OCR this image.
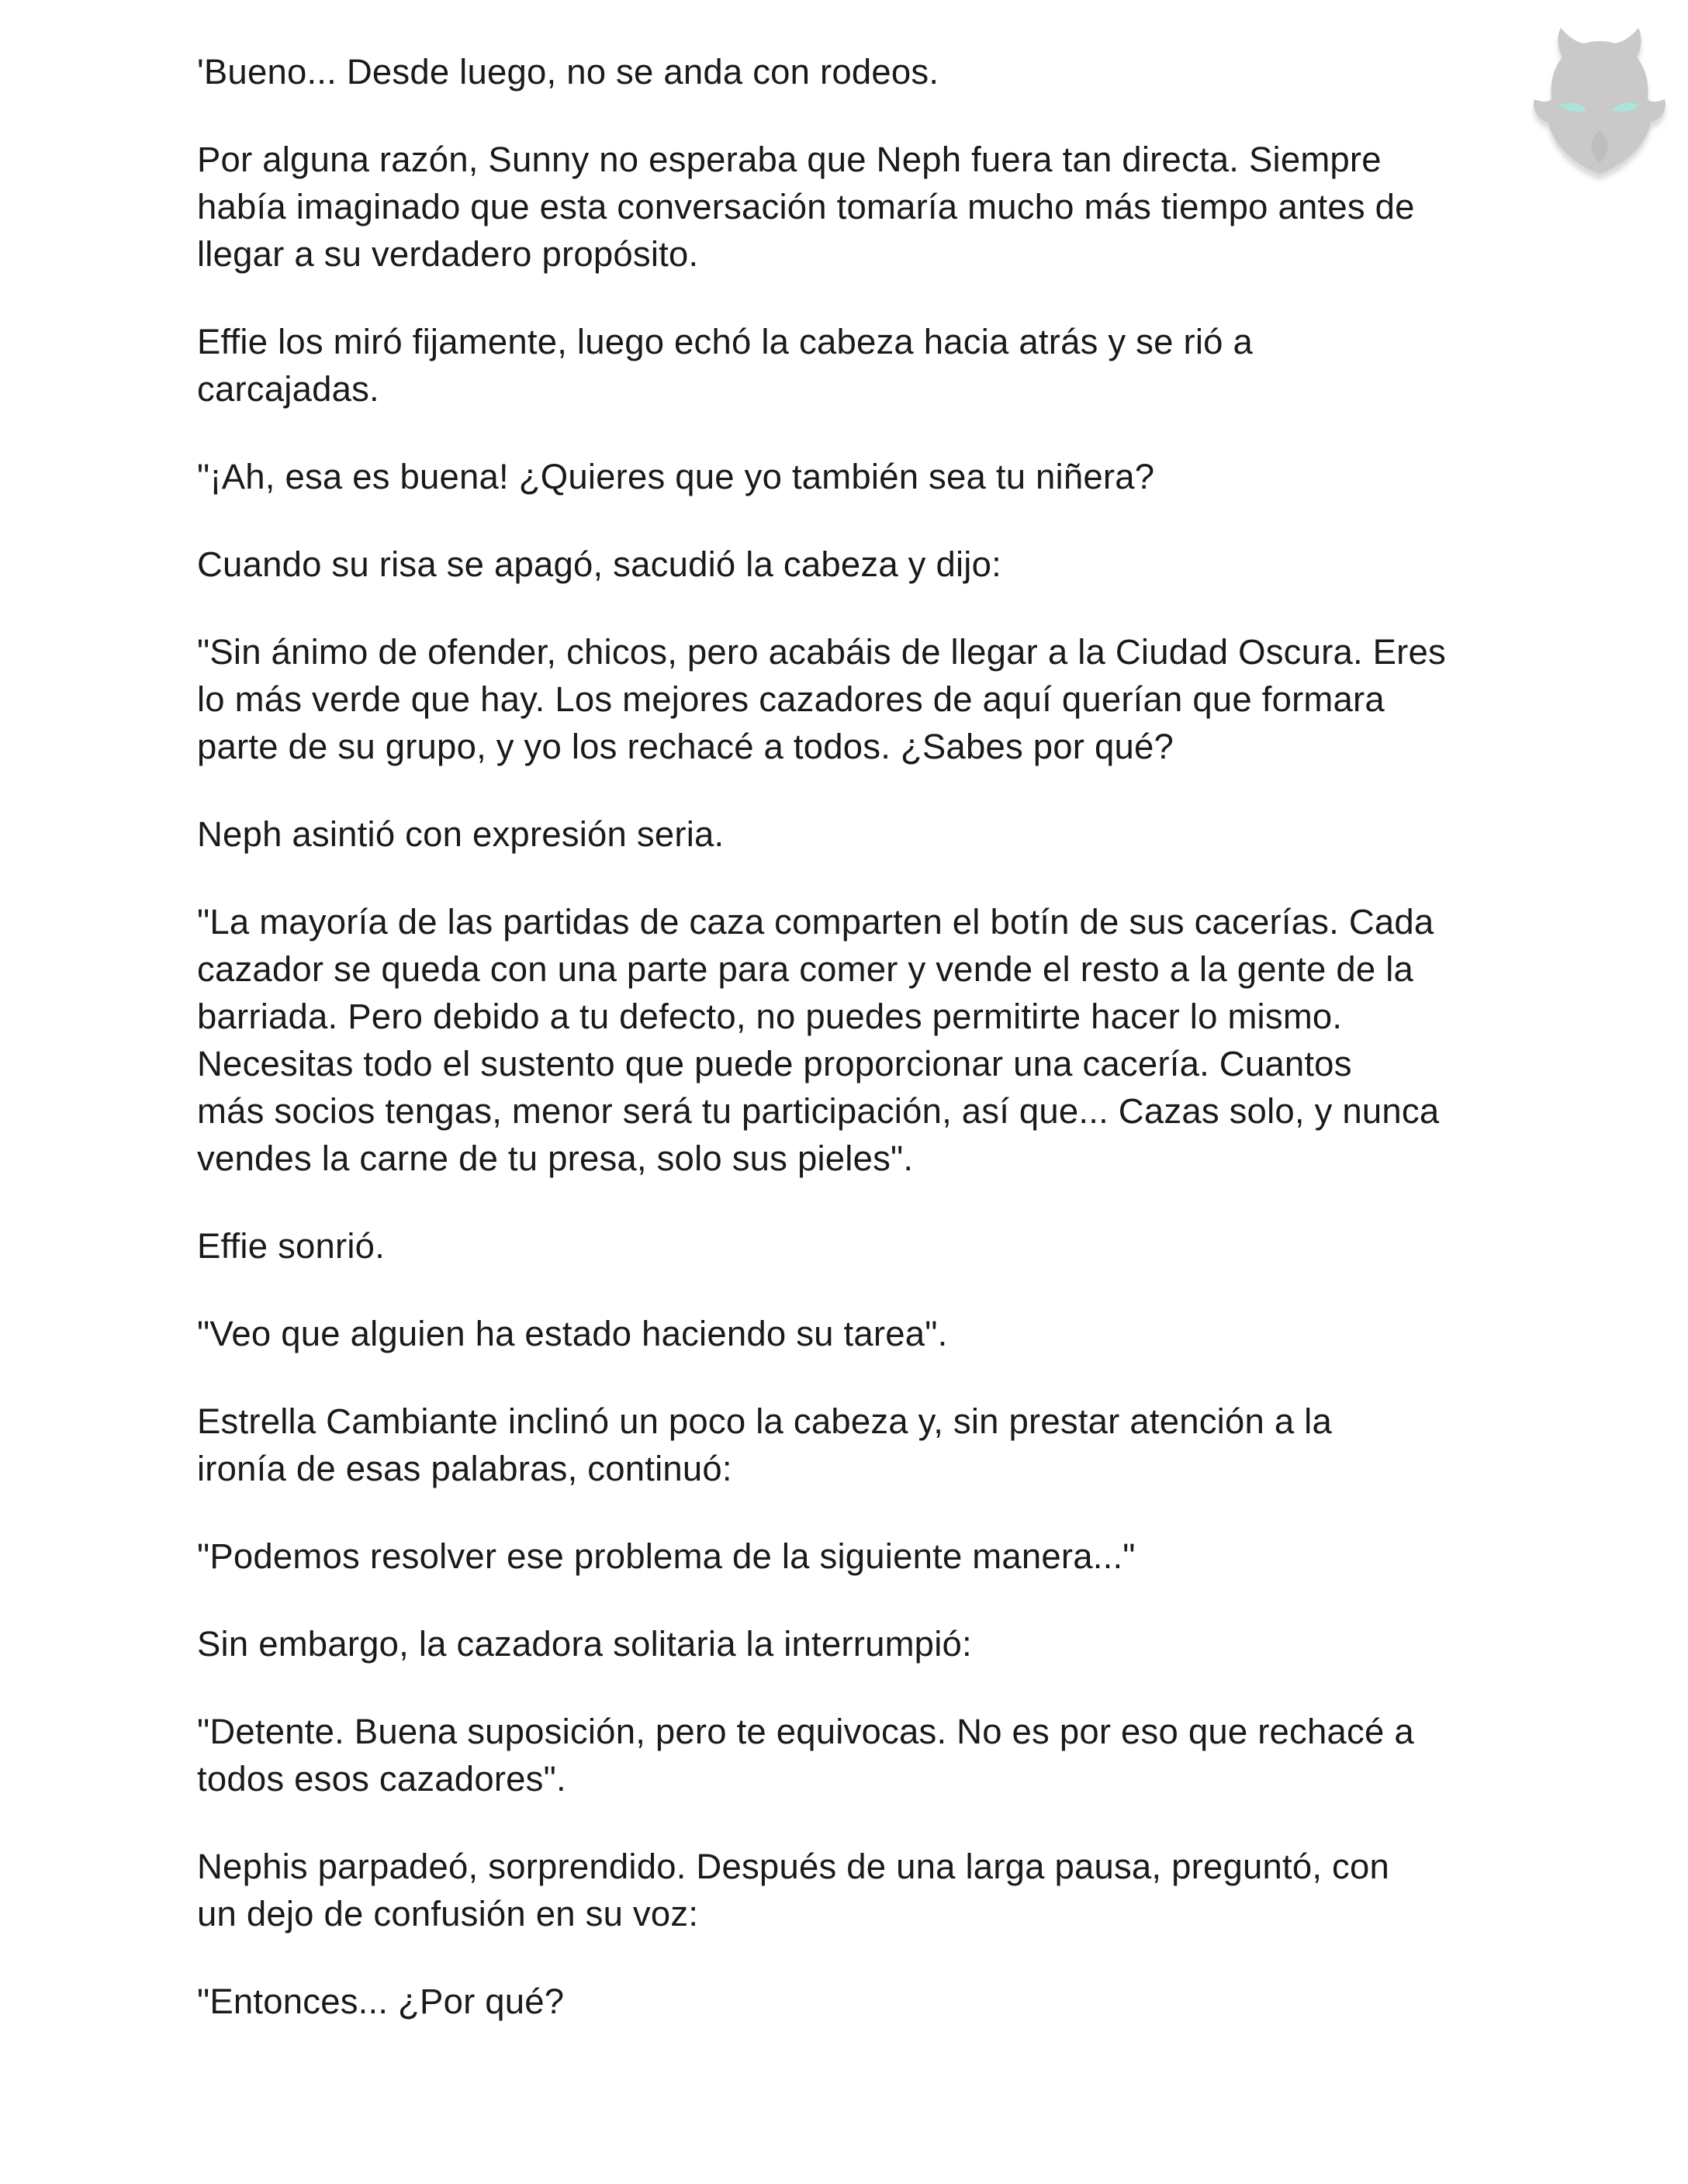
'Bueno... Desde luego, no se anda con rodeos.

Por alguna razón, Sunny no esperaba que Neph fuera tan directa. Siempre
había imaginado que esta conversación tomaría mucho más tiempo antes de
llegar a su verdadero propósito.

Effie los miró fijamente, luego echó la cabeza hacia atrás y se rió a
carcajadas.

"¡Ah, esa es buena! ¿Quieres que yo también sea tu niñera?

Cuando su risa se apagó, sacudió la cabeza y dijo:

"Sin ánimo de ofender, chicos, pero acabáis de llegar a la Ciudad Oscura. Eres
lo más verde que hay. Los mejores cazadores de aquí querían que formara
parte de su grupo, y yo los rechacé a todos. ¿Sabes por qué?

Neph asintió con expresión seria.

"La mayoría de las partidas de caza comparten el botín de sus cacerías. Cada
cazador se queda con una parte para comer y vende el resto a la gente de la
barriada. Pero debido a tu defecto, no puedes permitirte hacer lo mismo.
Necesitas todo el sustento que puede proporcionar una cacería. Cuantos
más socios tengas, menor será tu participación, así que... Cazas solo, y nunca
vendes la carne de tu presa, solo sus pieles".

Effie sonrió.

"Veo que alguien ha estado haciendo su tarea".

Estrella Cambiante inclinó un poco la cabeza y, sin prestar atención a la
ironía de esas palabras, continuó:

"Podemos resolver ese problema de la siguiente manera..."

Sin embargo, la cazadora solitaria la interrumpió:

"Detente. Buena suposición, pero te equivocas. No es por eso que rechacé a
todos esos cazadores".

Nephis parpadeó, sorprendido. Después de una larga pausa, preguntó, con
un dejo de confusión en su voz:

"Entonces... ¿Por qué?
